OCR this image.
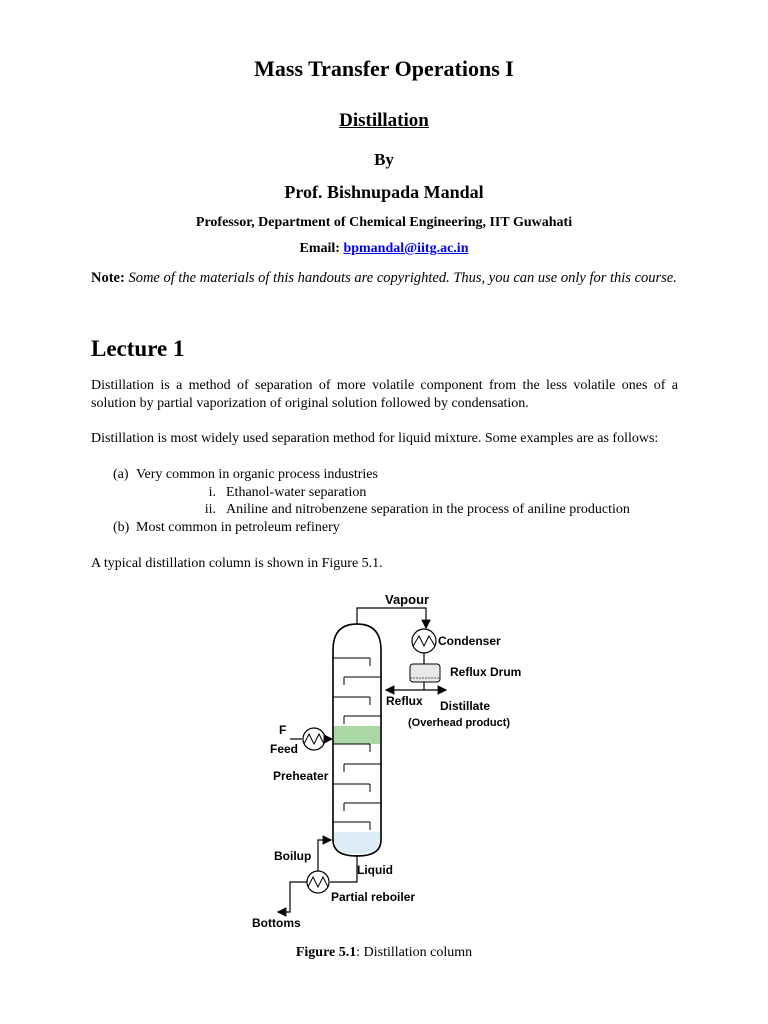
Mass Transfer Operations I
Distillation
By
Prof. Bishnupada Mandal
Professor, Department of Chemical Engineering, IIT Guwahati
Email: bpmandal@iitg.ac.in
Note: Some of the materials of this handouts are copyrighted. Thus, you can use only for this course.
Lecture 1
Distillation is a method of separation of more volatile component from the less volatile ones of a solution by partial vaporization of original solution followed by condensation.
Distillation is most widely used separation method for liquid mixture. Some examples are as follows:
(a) Very common in organic process industries
i. Ethanol-water separation
ii. Aniline and nitrobenzene separation in the process of aniline production
(b) Most common in petroleum refinery
A typical distillation column is shown in Figure 5.1.
Vapour
Condenser
Reflux Drum
Reflux Distillate
(Overhead product)
F
Feed
Preheater
Boilup
Liquid
Partial reboiler
Bottoms
Figure 5.1: Distillation column
